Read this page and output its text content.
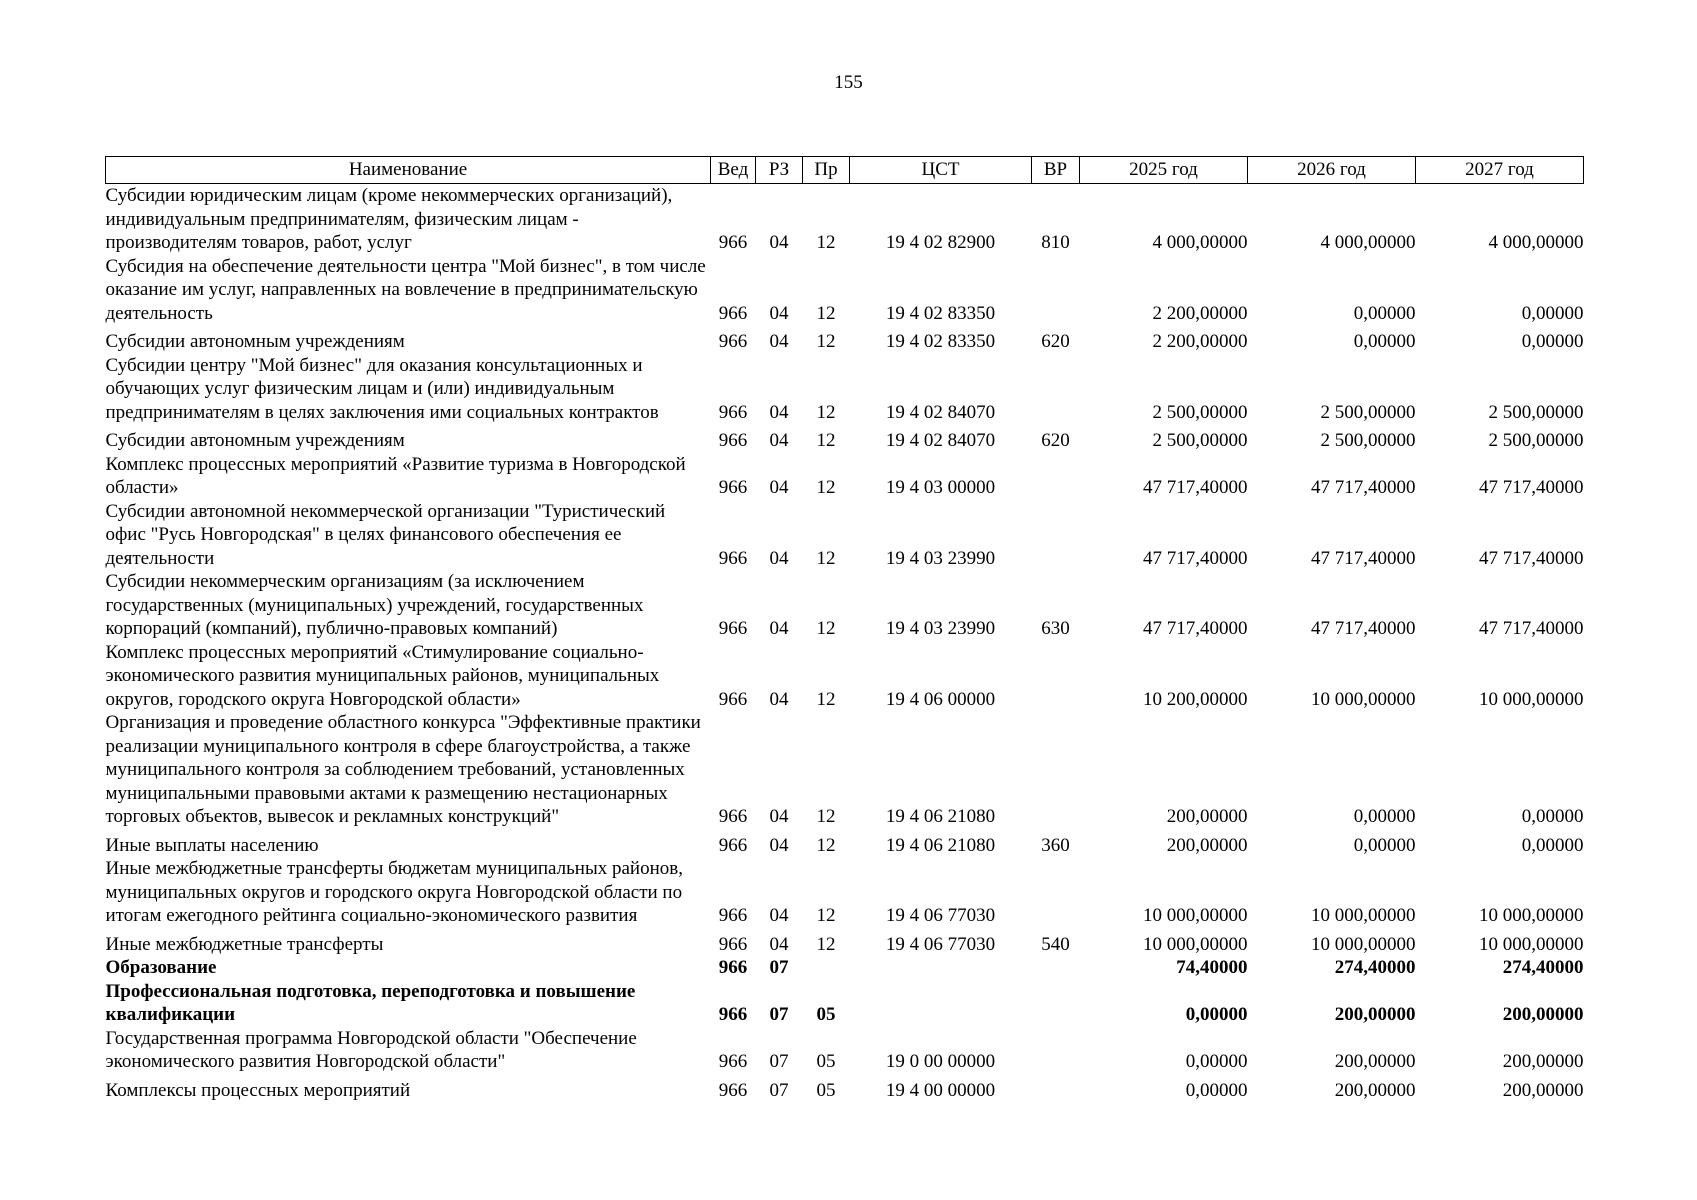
155
Наименование	Вед	РЗ	Пр	ЦСТ	ВР	2025 год	2026 год	2027 год
Субсидии юридическим лицам (кроме некоммерческих организаций), индивидуальным предпринимателям, физическим лицам - производителям товаров, работ, услуг	966	04	12	19 4 02 82900	810	4 000,00000	4 000,00000	4 000,00000
Субсидия на обеспечение деятельности центра "Мой бизнес", в том числе оказание им услуг, направленных на вовлечение в предпринимательскую деятельность	966	04	12	19 4 02 83350		2 200,00000	0,00000	0,00000
Субсидии автономным учреждениям	966	04	12	19 4 02 83350	620	2 200,00000	0,00000	0,00000
Субсидии центру "Мой бизнес" для оказания консультационных и обучающих услуг физическим лицам и (или) индивидуальным предпринимателям в целях заключения ими социальных контрактов	966	04	12	19 4 02 84070		2 500,00000	2 500,00000	2 500,00000
Субсидии автономным учреждениям	966	04	12	19 4 02 84070	620	2 500,00000	2 500,00000	2 500,00000
Комплекс процессных мероприятий «Развитие туризма в Новгородской области»	966	04	12	19 4 03 00000		47 717,40000	47 717,40000	47 717,40000
Субсидии автономной некоммерческой организации "Туристический офис "Русь Новгородская" в целях финансового обеспечения ее деятельности	966	04	12	19 4 03 23990		47 717,40000	47 717,40000	47 717,40000
Субсидии некоммерческим организациям (за исключением государственных (муниципальных) учреждений, государственных корпораций (компаний), публично-правовых компаний)	966	04	12	19 4 03 23990	630	47 717,40000	47 717,40000	47 717,40000
Комплекс процессных мероприятий «Стимулирование социально-экономического развития муниципальных районов, муниципальных округов, городского округа Новгородской области»	966	04	12	19 4 06 00000		10 200,00000	10 000,00000	10 000,00000
Организация и проведение областного конкурса "Эффективные практики реализации муниципального контроля в сфере благоустройства, а также муниципального контроля за соблюдением требований, установленных муниципальными правовыми актами к размещению нестационарных торговых объектов, вывесок и рекламных конструкций"	966	04	12	19 4 06 21080		200,00000	0,00000	0,00000
Иные выплаты населению	966	04	12	19 4 06 21080	360	200,00000	0,00000	0,00000
Иные межбюджетные трансферты бюджетам муниципальных районов, муниципальных округов и городского округа Новгородской области по итогам ежегодного рейтинга социально-экономического развития	966	04	12	19 4 06 77030		10 000,00000	10 000,00000	10 000,00000
Иные межбюджетные трансферты	966	04	12	19 4 06 77030	540	10 000,00000	10 000,00000	10 000,00000
Образование	966	07				74,40000	274,40000	274,40000
Профессиональная подготовка, переподготовка и повышение квалификации	966	07	05			0,00000	200,00000	200,00000
Государственная программа Новгородской области "Обеспечение экономического развития Новгородской области"	966	07	05	19 0 00 00000		0,00000	200,00000	200,00000
Комплексы процессных мероприятий	966	07	05	19 4 00 00000		0,00000	200,00000	200,00000
